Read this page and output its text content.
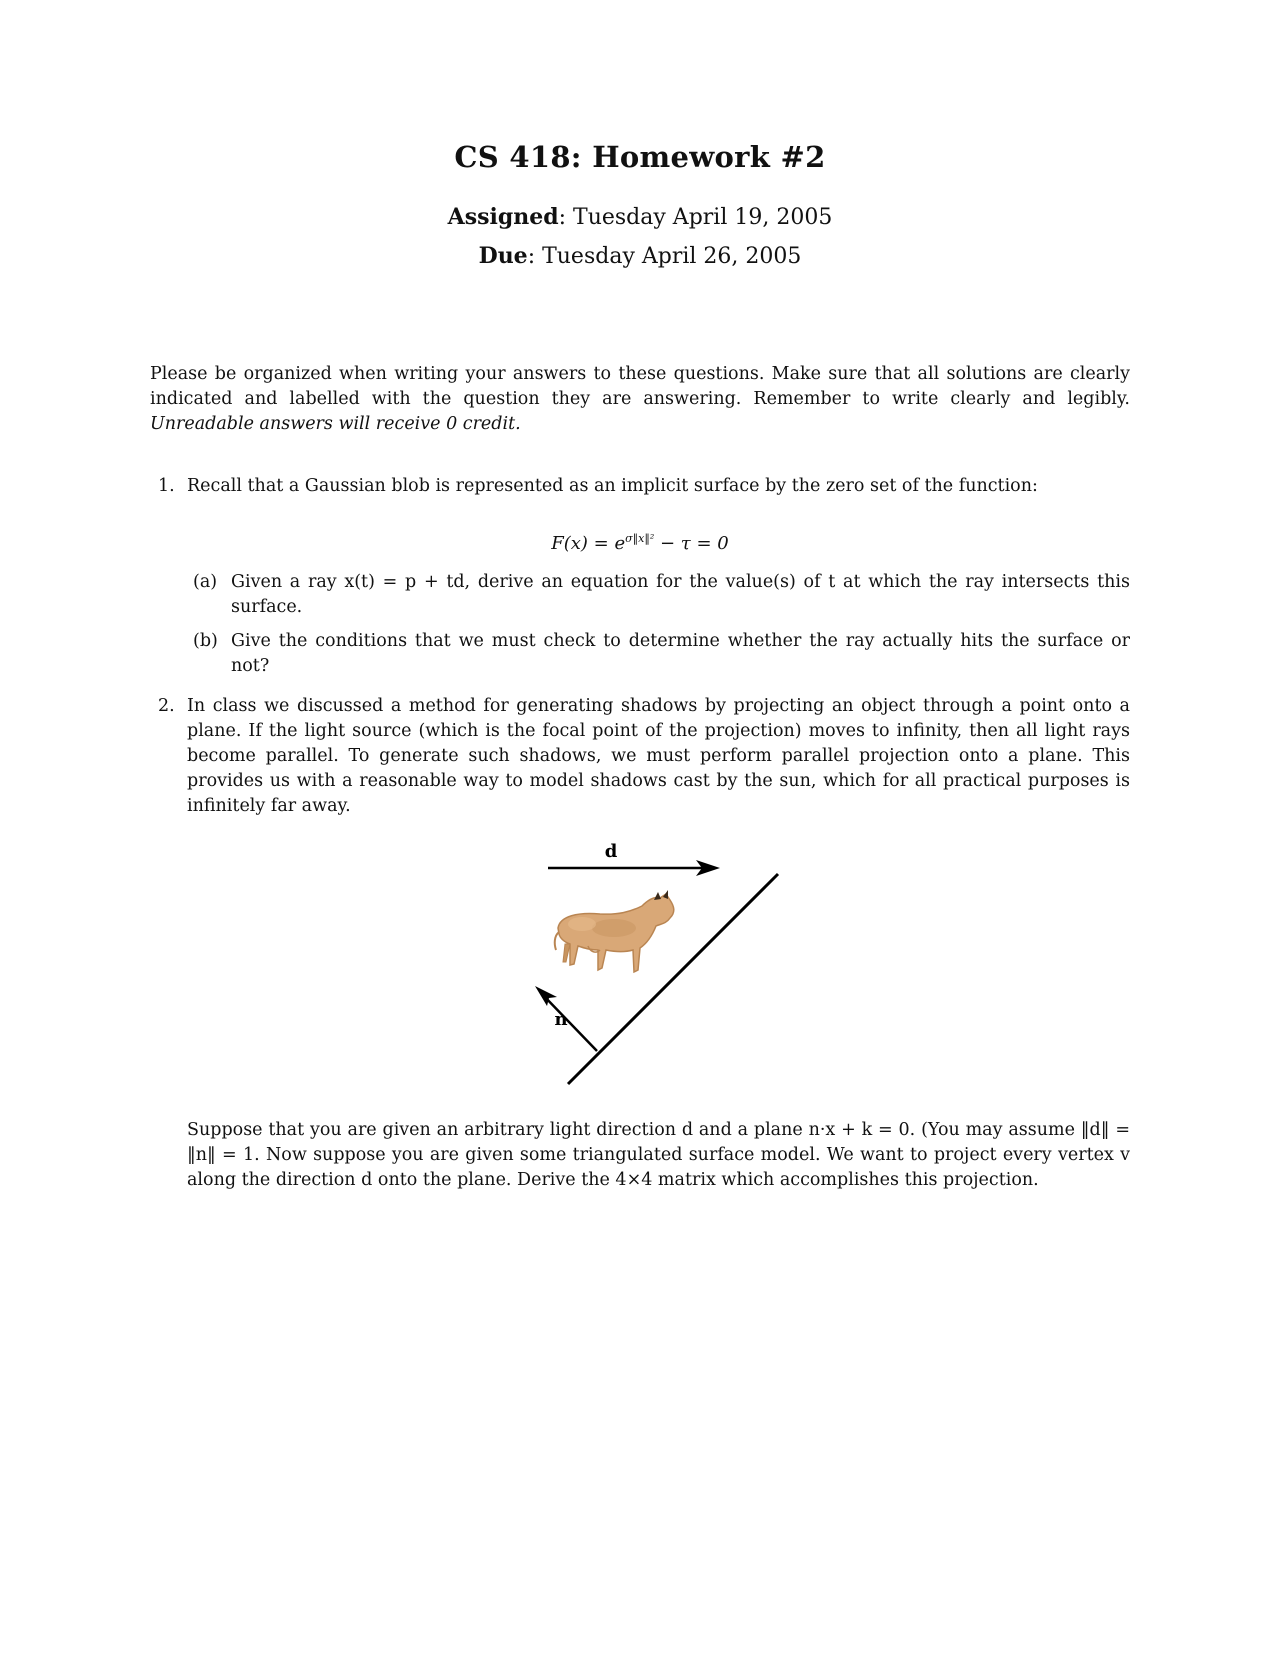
CS 418: Homework #2
Assigned: Tuesday April 19, 2005
Due: Tuesday April 26, 2005
Please be organized when writing your answers to these questions. Make sure that all solutions are clearly indicated and labelled with the question they are answering. Remember to write clearly and legibly. Unreadable answers will receive 0 credit.
1. Recall that a Gaussian blob is represented as an implicit surface by the zero set of the function:
$F(x) = e^{\sigma‖x‖^2} - \tau = 0$
(a) Given a ray x(t) = p + td, derive an equation for the value(s) of t at which the ray intersects this surface.
(b) Give the conditions that we must check to determine whether the ray actually hits the surface or not?
2. In class we discussed a method for generating shadows by projecting an object through a point onto a plane. If the light source (which is the focal point of the projection) moves to infinity, then all light rays become parallel. To generate such shadows, we must perform parallel projection onto a plane. This provides us with a reasonable way to model shadows cast by the sun, which for all practical purposes is infinitely far away.
d
n
Suppose that you are given an arbitrary light direction d and a plane n·x + k = 0. (You may assume ‖d‖ = ‖n‖ = 1. Now suppose you are given some triangulated surface model. We want to project every vertex v along the direction d onto the plane. Derive the 4×4 matrix which accomplishes this projection.
